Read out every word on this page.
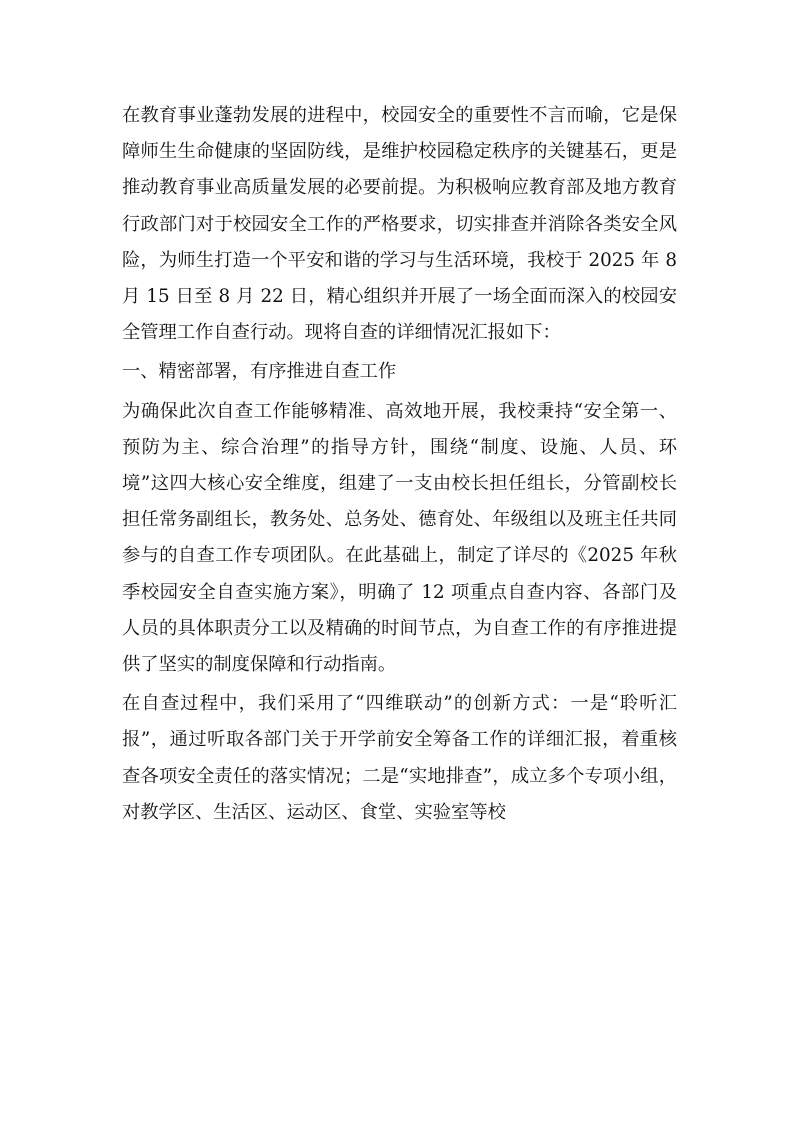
在教育事业蓬勃发展的进程中，校园安全的重要性不言而喻，它是保障师生生命健康的坚固防线，是维护校园稳定秩序的关键基石，更是推动教育事业高质量发展的必要前提。为积极响应教育部及地方教育行政部门对于校园安全工作的严格要求，切实排查并消除各类安全风险，为师生打造一个平安和谐的学习与生活环境，我校于 2025 年 8 月 15 日至 8 月 22 日，精心组织并开展了一场全面而深入的校园安全管理工作自查行动。现将自查的详细情况汇报如下：

一、精密部署，有序推进自查工作

为确保此次自查工作能够精准、高效地开展，我校秉持“安全第一、预防为主、综合治理”的指导方针，围绕“制度、设施、人员、环境”这四大核心安全维度，组建了一支由校长担任组长，分管副校长担任常务副组长，教务处、总务处、德育处、年级组以及班主任共同参与的自查工作专项团队。在此基础上，制定了详尽的《2025 年秋季校园安全自查实施方案》，明确了 12 项重点自查内容、各部门及人员的具体职责分工以及精确的时间节点，为自查工作的有序推进提供了坚实的制度保障和行动指南。

在自查过程中，我们采用了“四维联动”的创新方式：一是“聆听汇报”，通过听取各部门关于开学前安全筹备工作的详细汇报，着重核查各项安全责任的落实情况；二是“实地排查”，成立多个专项小组，对教学区、生活区、运动区、食堂、实验室等校
